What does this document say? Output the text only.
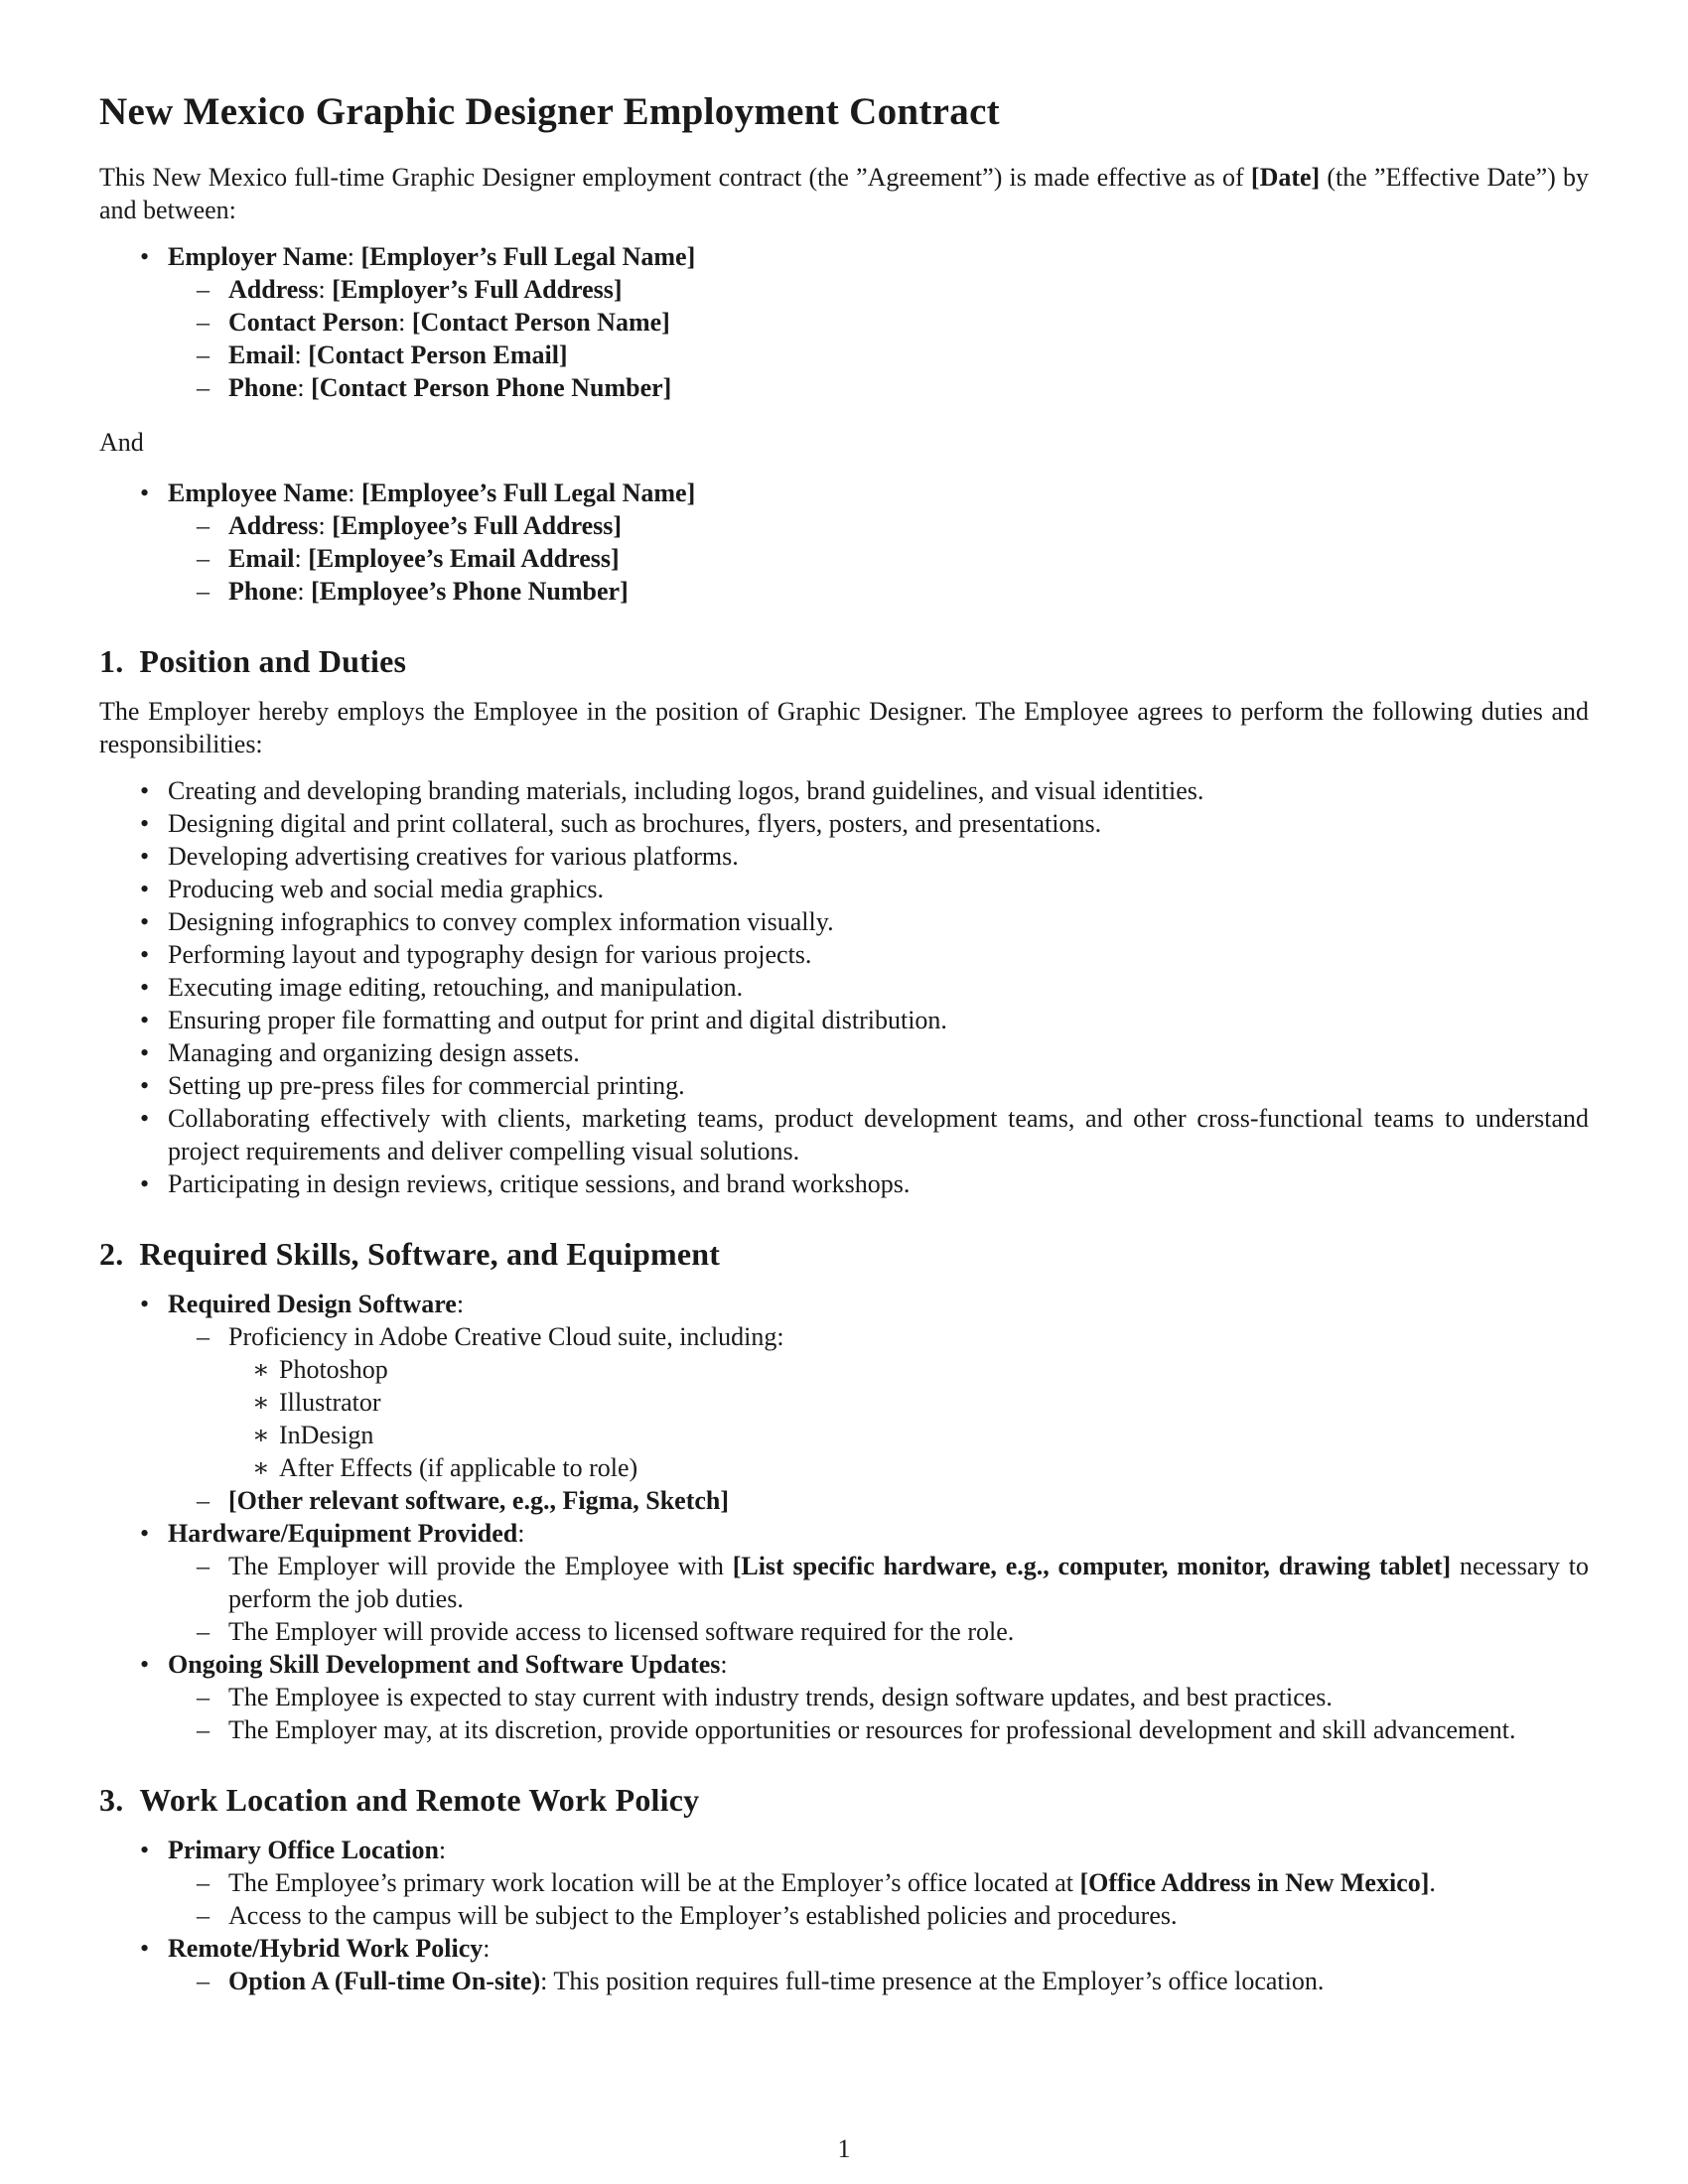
New Mexico Graphic Designer Employment Contract

This New Mexico full-time Graphic Designer employment contract (the ”Agreement”) is made effective as of [Date] (the ”Effective Date”) by and between:

• Employer Name: [Employer’s Full Legal Name]
– Address: [Employer’s Full Address]
– Contact Person: [Contact Person Name]
– Email: [Contact Person Email]
– Phone: [Contact Person Phone Number]

And

• Employee Name: [Employee’s Full Legal Name]
– Address: [Employee’s Full Address]
– Email: [Employee’s Email Address]
– Phone: [Employee’s Phone Number]
1. Position and Duties

The Employer hereby employs the Employee in the position of Graphic Designer. The Employee agrees to perform the following duties and responsibilities:

• Creating and developing branding materials, including logos, brand guidelines, and visual identities.
• Designing digital and print collateral, such as brochures, flyers, posters, and presentations.
• Developing advertising creatives for various platforms.
• Producing web and social media graphics.
• Designing infographics to convey complex information visually.
• Performing layout and typography design for various projects.
• Executing image editing, retouching, and manipulation.
• Ensuring proper file formatting and output for print and digital distribution.
• Managing and organizing design assets.
• Setting up pre-press files for commercial printing.
• Collaborating effectively with clients, marketing teams, product development teams, and other cross-functional teams to understand project requirements and deliver compelling visual solutions.
• Participating in design reviews, critique sessions, and brand workshops.
2. Required Skills, Software, and Equipment
• Required Design Software:
– Proficiency in Adobe Creative Cloud suite, including:
∗ Photoshop
∗ Illustrator
∗ InDesign
∗ After Effects (if applicable to role)
– [Other relevant software, e.g., Figma, Sketch]
• Hardware/Equipment Provided:
– The Employer will provide the Employee with [List specific hardware, e.g., computer, monitor, drawing tablet] necessary to perform the job duties.
– The Employer will provide access to licensed software required for the role.
• Ongoing Skill Development and Software Updates:
– The Employee is expected to stay current with industry trends, design software updates, and best practices.
– The Employer may, at its discretion, provide opportunities or resources for professional development and skill advancement.
3. Work Location and Remote Work Policy
• Primary Office Location:
– The Employee’s primary work location will be at the Employer’s office located at [Office Address in New Mexico].
– Access to the campus will be subject to the Employer’s established policies and procedures.
• Remote/Hybrid Work Policy:
– Option A (Full-time On-site): This position requires full-time presence at the Employer’s office location.
1
